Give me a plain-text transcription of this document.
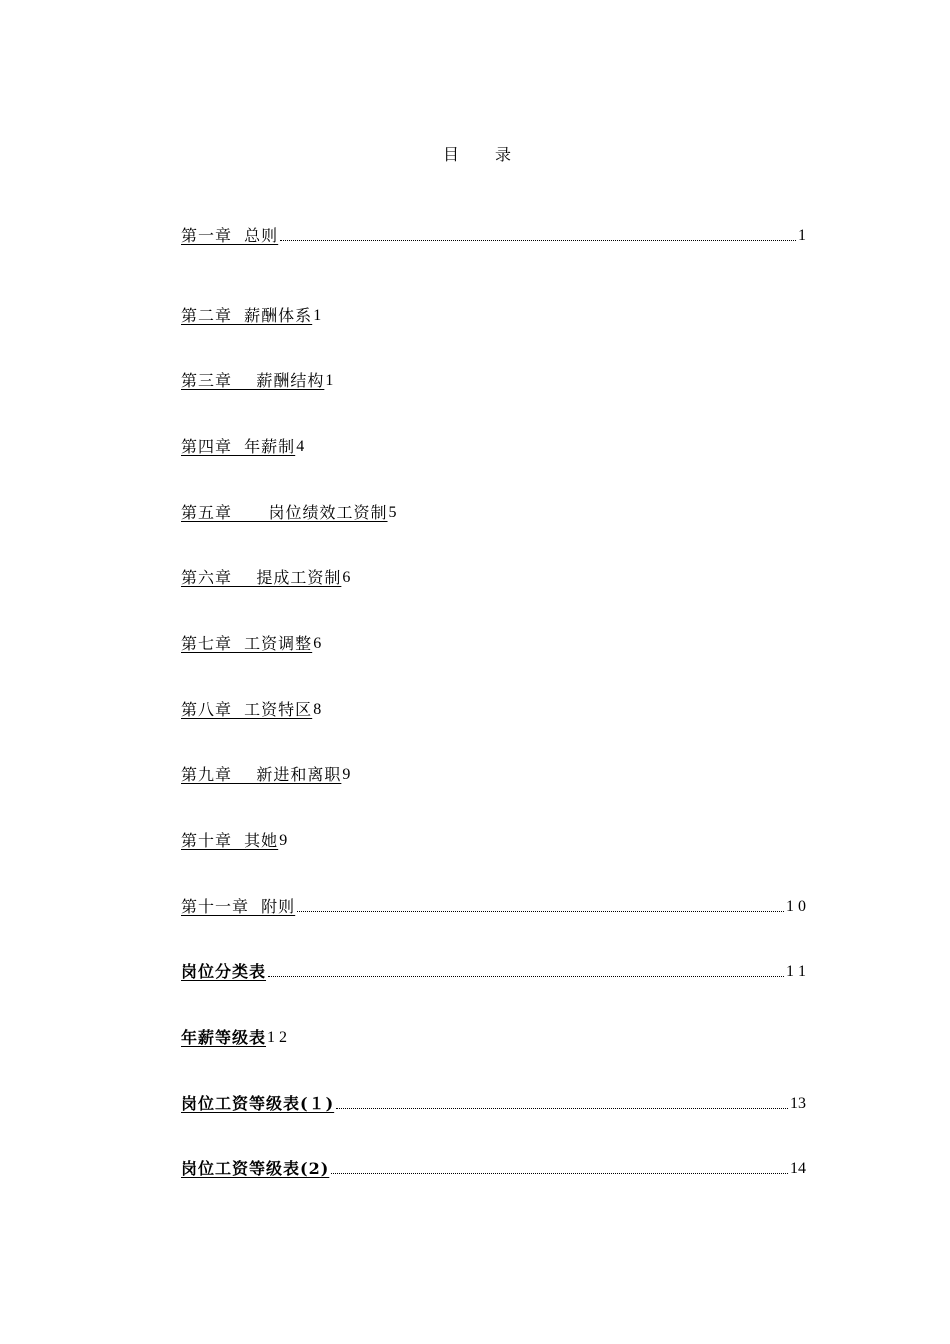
目录
第一章  总则	1
第二章  薪酬体系 1
第三章    薪酬结构 1
第四章  年薪制 4
第五章      岗位绩效工资制 5
第六章    提成工资制 6
第七章  工资调整 6
第八章  工资特区 8
第九章    新进和离职 9
第十章  其她 9
第十一章  附则	1 0
岗位分类表	1 1
年薪等级表 1 2
岗位工资等级表(１)	13
岗位工资等级表(2)	14
